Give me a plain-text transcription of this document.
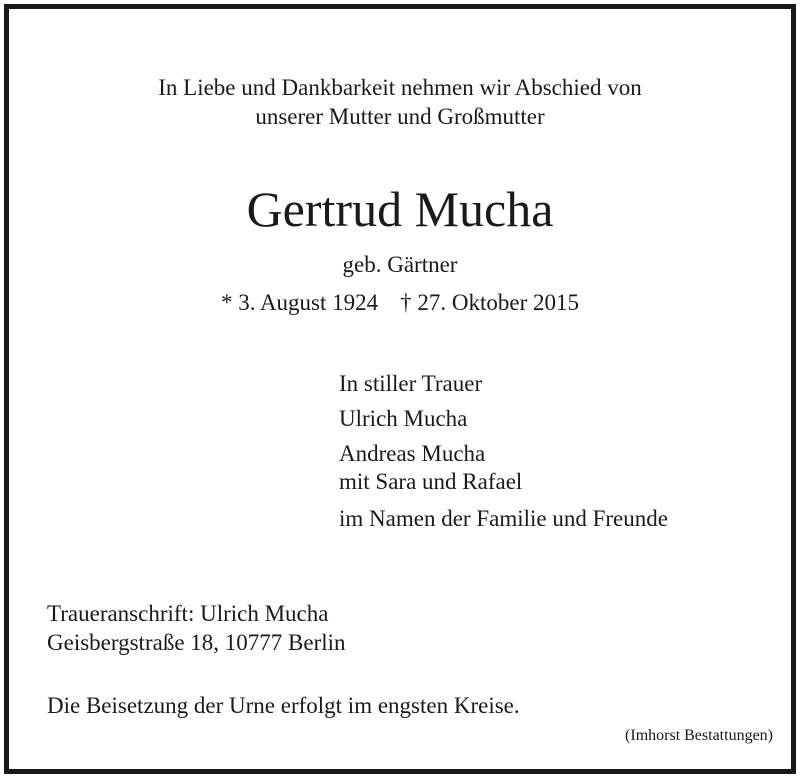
In Liebe und Dankbarkeit nehmen wir Abschied von
unserer Mutter und Großmutter
Gertrud Mucha
geb. Gärtner
* 3. August 1924 † 27. Oktober 2015
In stiller Trauer
Ulrich Mucha
Andreas Mucha
mit Sara und Rafael
im Namen der Familie und Freunde
Traueranschrift: Ulrich Mucha
Geisbergstraße 18, 10777 Berlin
Die Beisetzung der Urne erfolgt im engsten Kreise.
(Imhorst Bestattungen)
